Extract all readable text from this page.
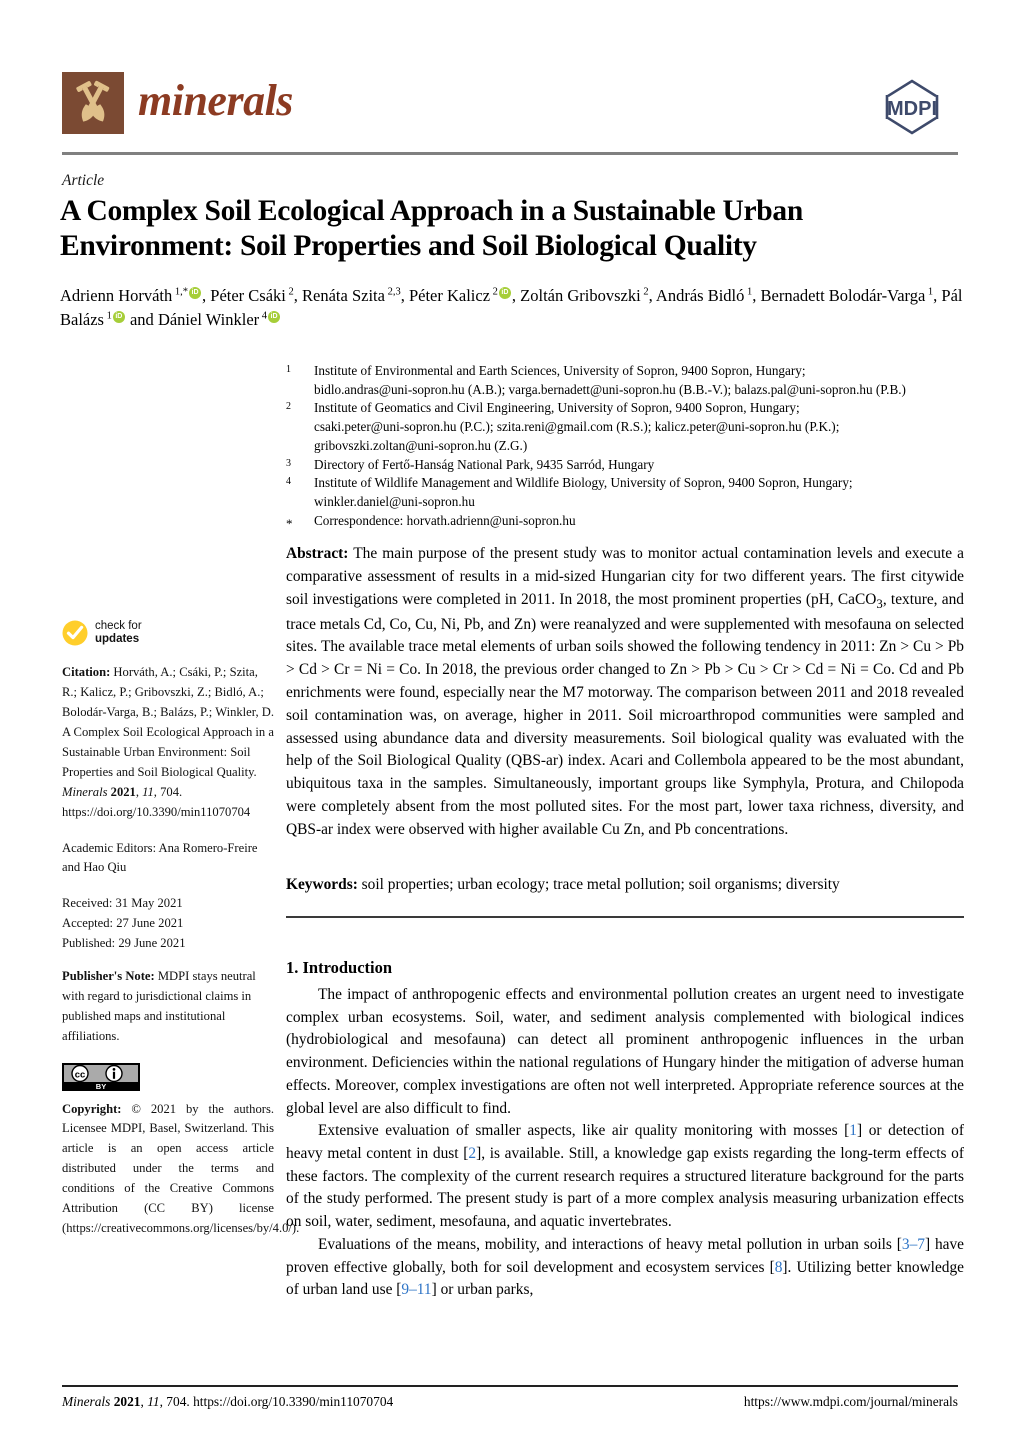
minerals	MDPI
Article
A Complex Soil Ecological Approach in a Sustainable Urban Environment: Soil Properties and Soil Biological Quality
Adrienn Horváth $^{1,*}$ iD , Péter Csáki $^2$, Renáta Szita $^{2,3}$, Péter Kalicz $^2$ iD , Zoltán Gribovszki $^2$, András Bidló $^1$, Bernadett Bolodár-Varga $^1$, Pál Balázs $^1$iD and Dániel Winkler $^4$iD
1	Institute of Environmental and Earth Sciences, University of Sopron, 9400 Sopron, Hungary;
bidlo.andras@uni-sopron.hu (A.B.); varga.bernadett@uni-sopron.hu (B.B.-V.); balazs.pal@uni-sopron.hu (P.B.)
2	Institute of Geomatics and Civil Engineering, University of Sopron, 9400 Sopron, Hungary;
csaki.peter@uni-sopron.hu (P.C.); szita.reni@gmail.com (R.S.); kalicz.peter@uni-sopron.hu (P.K.);
gribovszki.zoltan@uni-sopron.hu (Z.G.)
3	Directory of Fertő-Hanság National Park, 9435 Sarród, Hungary
4	Institute of Wildlife Management and Wildlife Biology, University of Sopron, 9400 Sopron, Hungary;
winkler.daniel@uni-sopron.hu
*	Correspondence: horvath.adrienn@uni-sopron.hu
Abstract: The main purpose of the present study was to monitor actual contamination levels and execute a comparative assessment of results in a mid-sized Hungarian city for two different years. The first citywide soil investigations were completed in 2011. In 2018, the most prominent properties (pH, CaCO$_3$, texture, and trace metals Cd, Co, Cu, Ni, Pb, and Zn) were reanalyzed and were supplemented with mesofauna on selected sites. The available trace metal elements of urban soils showed the following tendency in 2011: Zn > Cu > Pb > Cd > Cr = Ni = Co. In 2018, the previous order changed to Zn > Pb > Cu > Cr > Cd = Ni = Co. Cd and Pb enrichments were found, especially near the M7 motorway. The comparison between 2011 and 2018 revealed soil contamination was, on average, higher in 2011. Soil microarthropod communities were sampled and assessed using abundance data and diversity measurements. Soil biological quality was evaluated with the help of the Soil Biological Quality (QBS-ar) index. Acari and Collembola appeared to be the most abundant, ubiquitous taxa in the samples. Simultaneously, important groups like Symphyla, Protura, and Chilopoda were completely absent from the most polluted sites. For the most part, lower taxa richness, diversity, and QBS-ar index were observed with higher available Cu Zn, and Pb concentrations.
Keywords: soil properties; urban ecology; trace metal pollution; soil organisms; diversity
check for
updates
Citation: Horváth, A.; Csáki, P.; Szita, R.; Kalicz, P.; Gribovszki, Z.; Bidló, A.; Bolodár-Varga, B.; Balázs, P.; Winkler, D. A Complex Soil Ecological Approach in a Sustainable Urban Environment: Soil Properties and Soil Biological Quality. Minerals 2021, 11, 704. https://doi.org/10.3390/min11070704
Academic Editors: Ana Romero-Freire and Hao Qiu
Received: 31 May 2021
Accepted: 27 June 2021
Published: 29 June 2021
Publisher's Note: MDPI stays neutral with regard to jurisdictional claims in published maps and institutional affiliations.
cc
BY
Copyright: © 2021 by the authors. Licensee MDPI, Basel, Switzerland. This article is an open access article distributed under the terms and conditions of the Creative Commons Attribution (CC BY) license (https://creativecommons.org/licenses/by/4.0/).
1. Introduction

The impact of anthropogenic effects and environmental pollution creates an urgent need to investigate complex urban ecosystems. Soil, water, and sediment analysis complemented with biological indices (hydrobiological and mesofauna) can detect all prominent anthropogenic influences in the urban environment. Deficiencies within the national regulations of Hungary hinder the mitigation of adverse human effects. Moreover, complex investigations are often not well interpreted. Appropriate reference sources at the global level are also difficult to find.

Extensive evaluation of smaller aspects, like air quality monitoring with mosses [1] or detection of heavy metal content in dust [2], is available. Still, a knowledge gap exists regarding the long-term effects of these factors. The complexity of the current research requires a structured literature background for the parts of the study performed. The present study is part of a more complex analysis measuring urbanization effects on soil, water, sediment, mesofauna, and aquatic invertebrates.

Evaluations of the means, mobility, and interactions of heavy metal pollution in urban soils [3–7] have proven effective globally, both for soil development and ecosystem services [8]. Utilizing better knowledge of urban land use [9–11] or urban parks,

Minerals 2021, 11, 704. https://doi.org/10.3390/min11070704	https://www.mdpi.com/journal/minerals
